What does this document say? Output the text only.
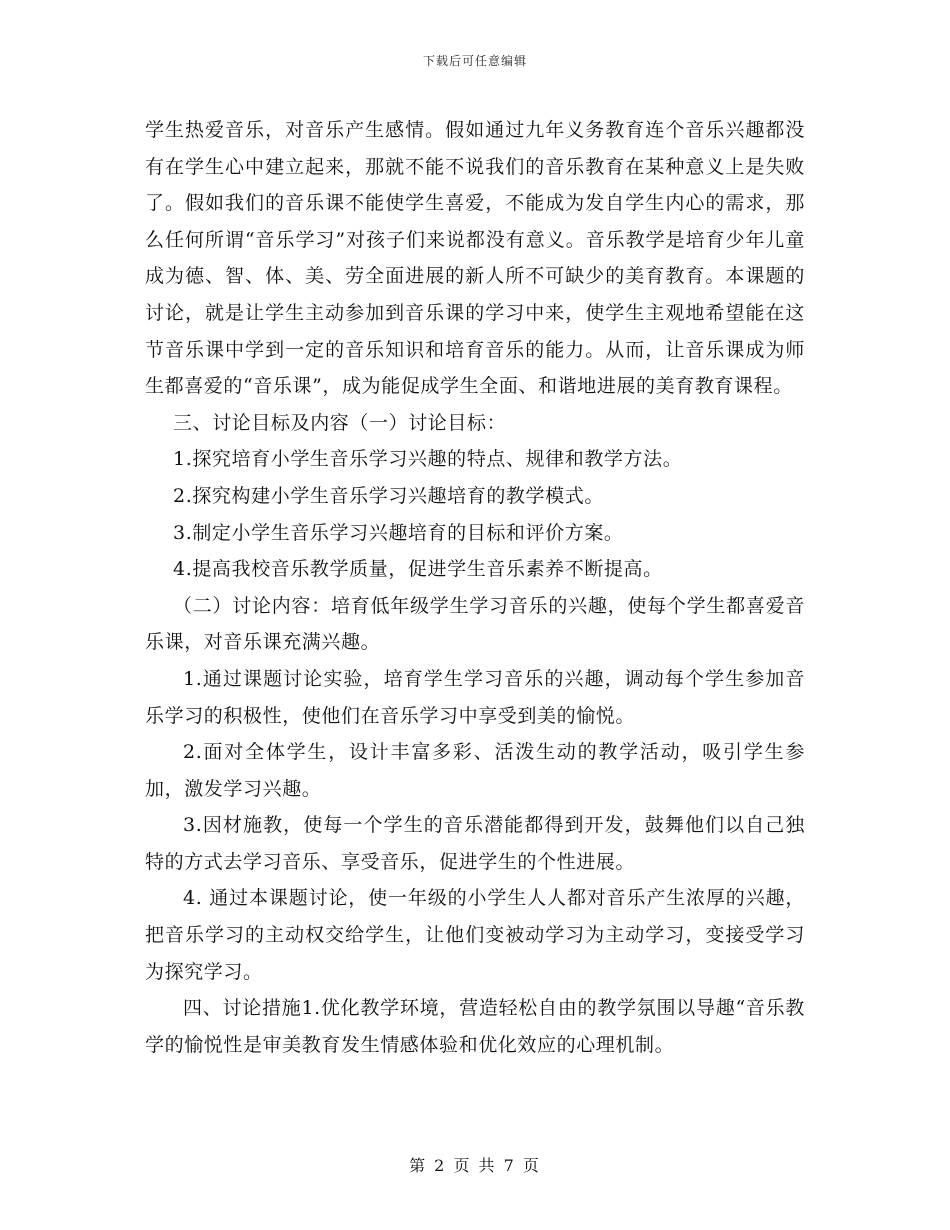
下载后可任意编辑

学生热爱音乐，对音乐产生感情。假如通过九年义务教育连个音乐兴趣都没有在学生心中建立起来，那就不能不说我们的音乐教育在某种意义上是失败了。假如我们的音乐课不能使学生喜爱，不能成为发自学生内心的需求，那么任何所谓“音乐学习”对孩子们来说都没有意义。音乐教学是培育少年儿童成为德、智、体、美、劳全面进展的新人所不可缺少的美育教育。本课题的讨论，就是让学生主动参加到音乐课的学习中来，使学生主观地希望能在这节音乐课中学到一定的音乐知识和培育音乐的能力。从而，让音乐课成为师生都喜爱的“音乐课”，成为能促成学生全面、和谐地进展的美育教育课程。

三、讨论目标及内容（一）讨论目标：

1.探究培育小学生音乐学习兴趣的特点、规律和教学方法。

2.探究构建小学生音乐学习兴趣培育的教学模式。

3.制定小学生音乐学习兴趣培育的目标和评价方案。

4.提高我校音乐教学质量，促进学生音乐素养不断提高。

（二）讨论内容：培育低年级学生学习音乐的兴趣，使每个学生都喜爱音乐课，对音乐课充满兴趣。

1.通过课题讨论实验，培育学生学习音乐的兴趣，调动每个学生参加音乐学习的积极性，使他们在音乐学习中享受到美的愉悦。

2.面对全体学生，设计丰富多彩、活泼生动的教学活动，吸引学生参加，激发学习兴趣。

3.因材施教，使每一个学生的音乐潜能都得到开发，鼓舞他们以自己独特的方式去学习音乐、享受音乐，促进学生的个性进展。

4. 通过本课题讨论，使一年级的小学生人人都对音乐产生浓厚的兴趣，把音乐学习的主动权交给学生，让他们变被动学习为主动学习，变接受学习为探究学习。

四、讨论措施1.优化教学环境，营造轻松自由的教学氛围以导趣“音乐教学的愉悦性是审美教育发生情感体验和优化效应的心理机制。

第 2 页 共 7 页
